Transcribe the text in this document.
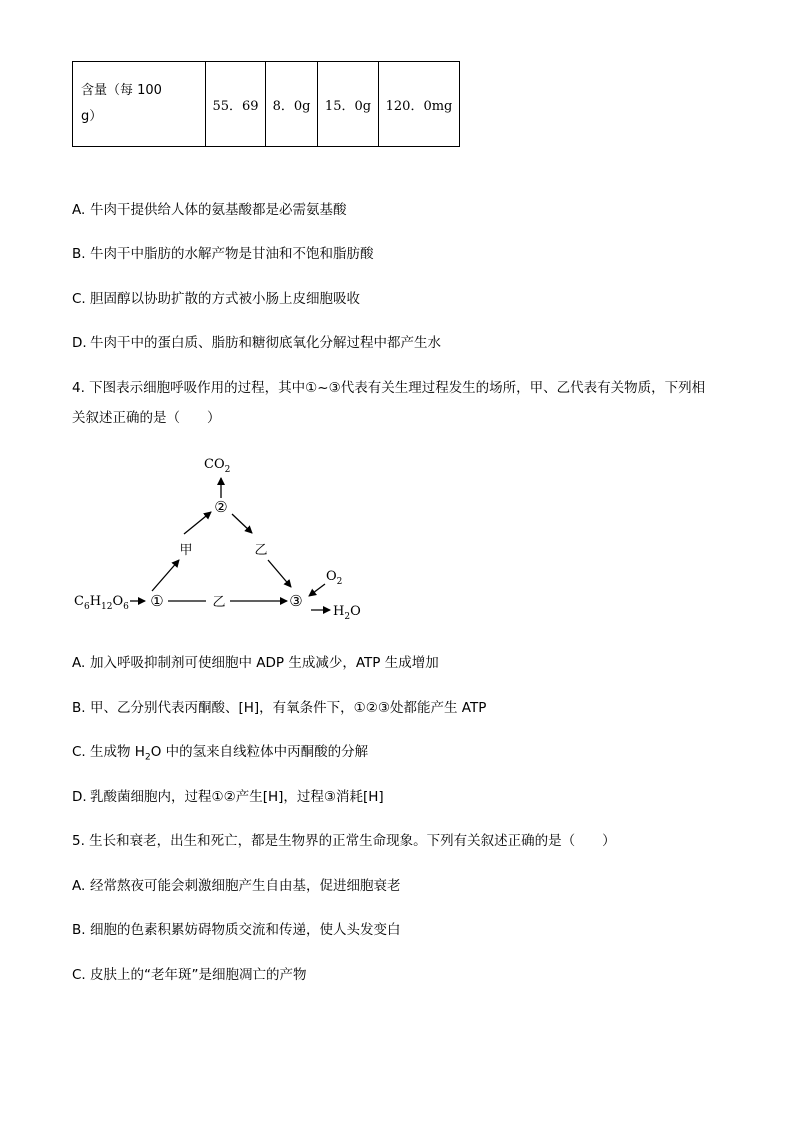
含量（每 100
g）	55．69	8．0g	15．0g	120．0mg
A. 牛肉干提供给人体的氨基酸都是必需氨基酸
B. 牛肉干中脂肪的水解产物是甘油和不饱和脂肪酸
C. 胆固醇以协助扩散的方式被小肠上皮细胞吸收
D. 牛肉干中的蛋白质、脂肪和糖彻底氧化分解过程中都产生水
4. 下图表示细胞呼吸作用的过程，其中①~③代表有关生理过程发生的场所，甲、乙代表有关物质，下列相
关叙述正确的是（　　）
$CO_2$
②
甲	乙
$C_6H_{12}O_6$ ①	乙	③
$O_2$
$H_2O$
A. 加入呼吸抑制剂可使细胞中 ADP 生成减少，ATP 生成增加
B. 甲、乙分别代表丙酮酸、[H]，有氧条件下，①②③处都能产生 ATP
C. 生成物 $H_2O$ 中的氢来自线粒体中丙酮酸的分解
D. 乳酸菌细胞内，过程①②产生[H]，过程③消耗[H]
5. 生长和衰老，出生和死亡，都是生物界的正常生命现象。下列有关叙述正确的是（　　）
A. 经常熬夜可能会刺激细胞产生自由基，促进细胞衰老
B. 细胞的色素积累妨碍物质交流和传递，使人头发变白
C. 皮肤上的“老年斑”是细胞凋亡的产物
